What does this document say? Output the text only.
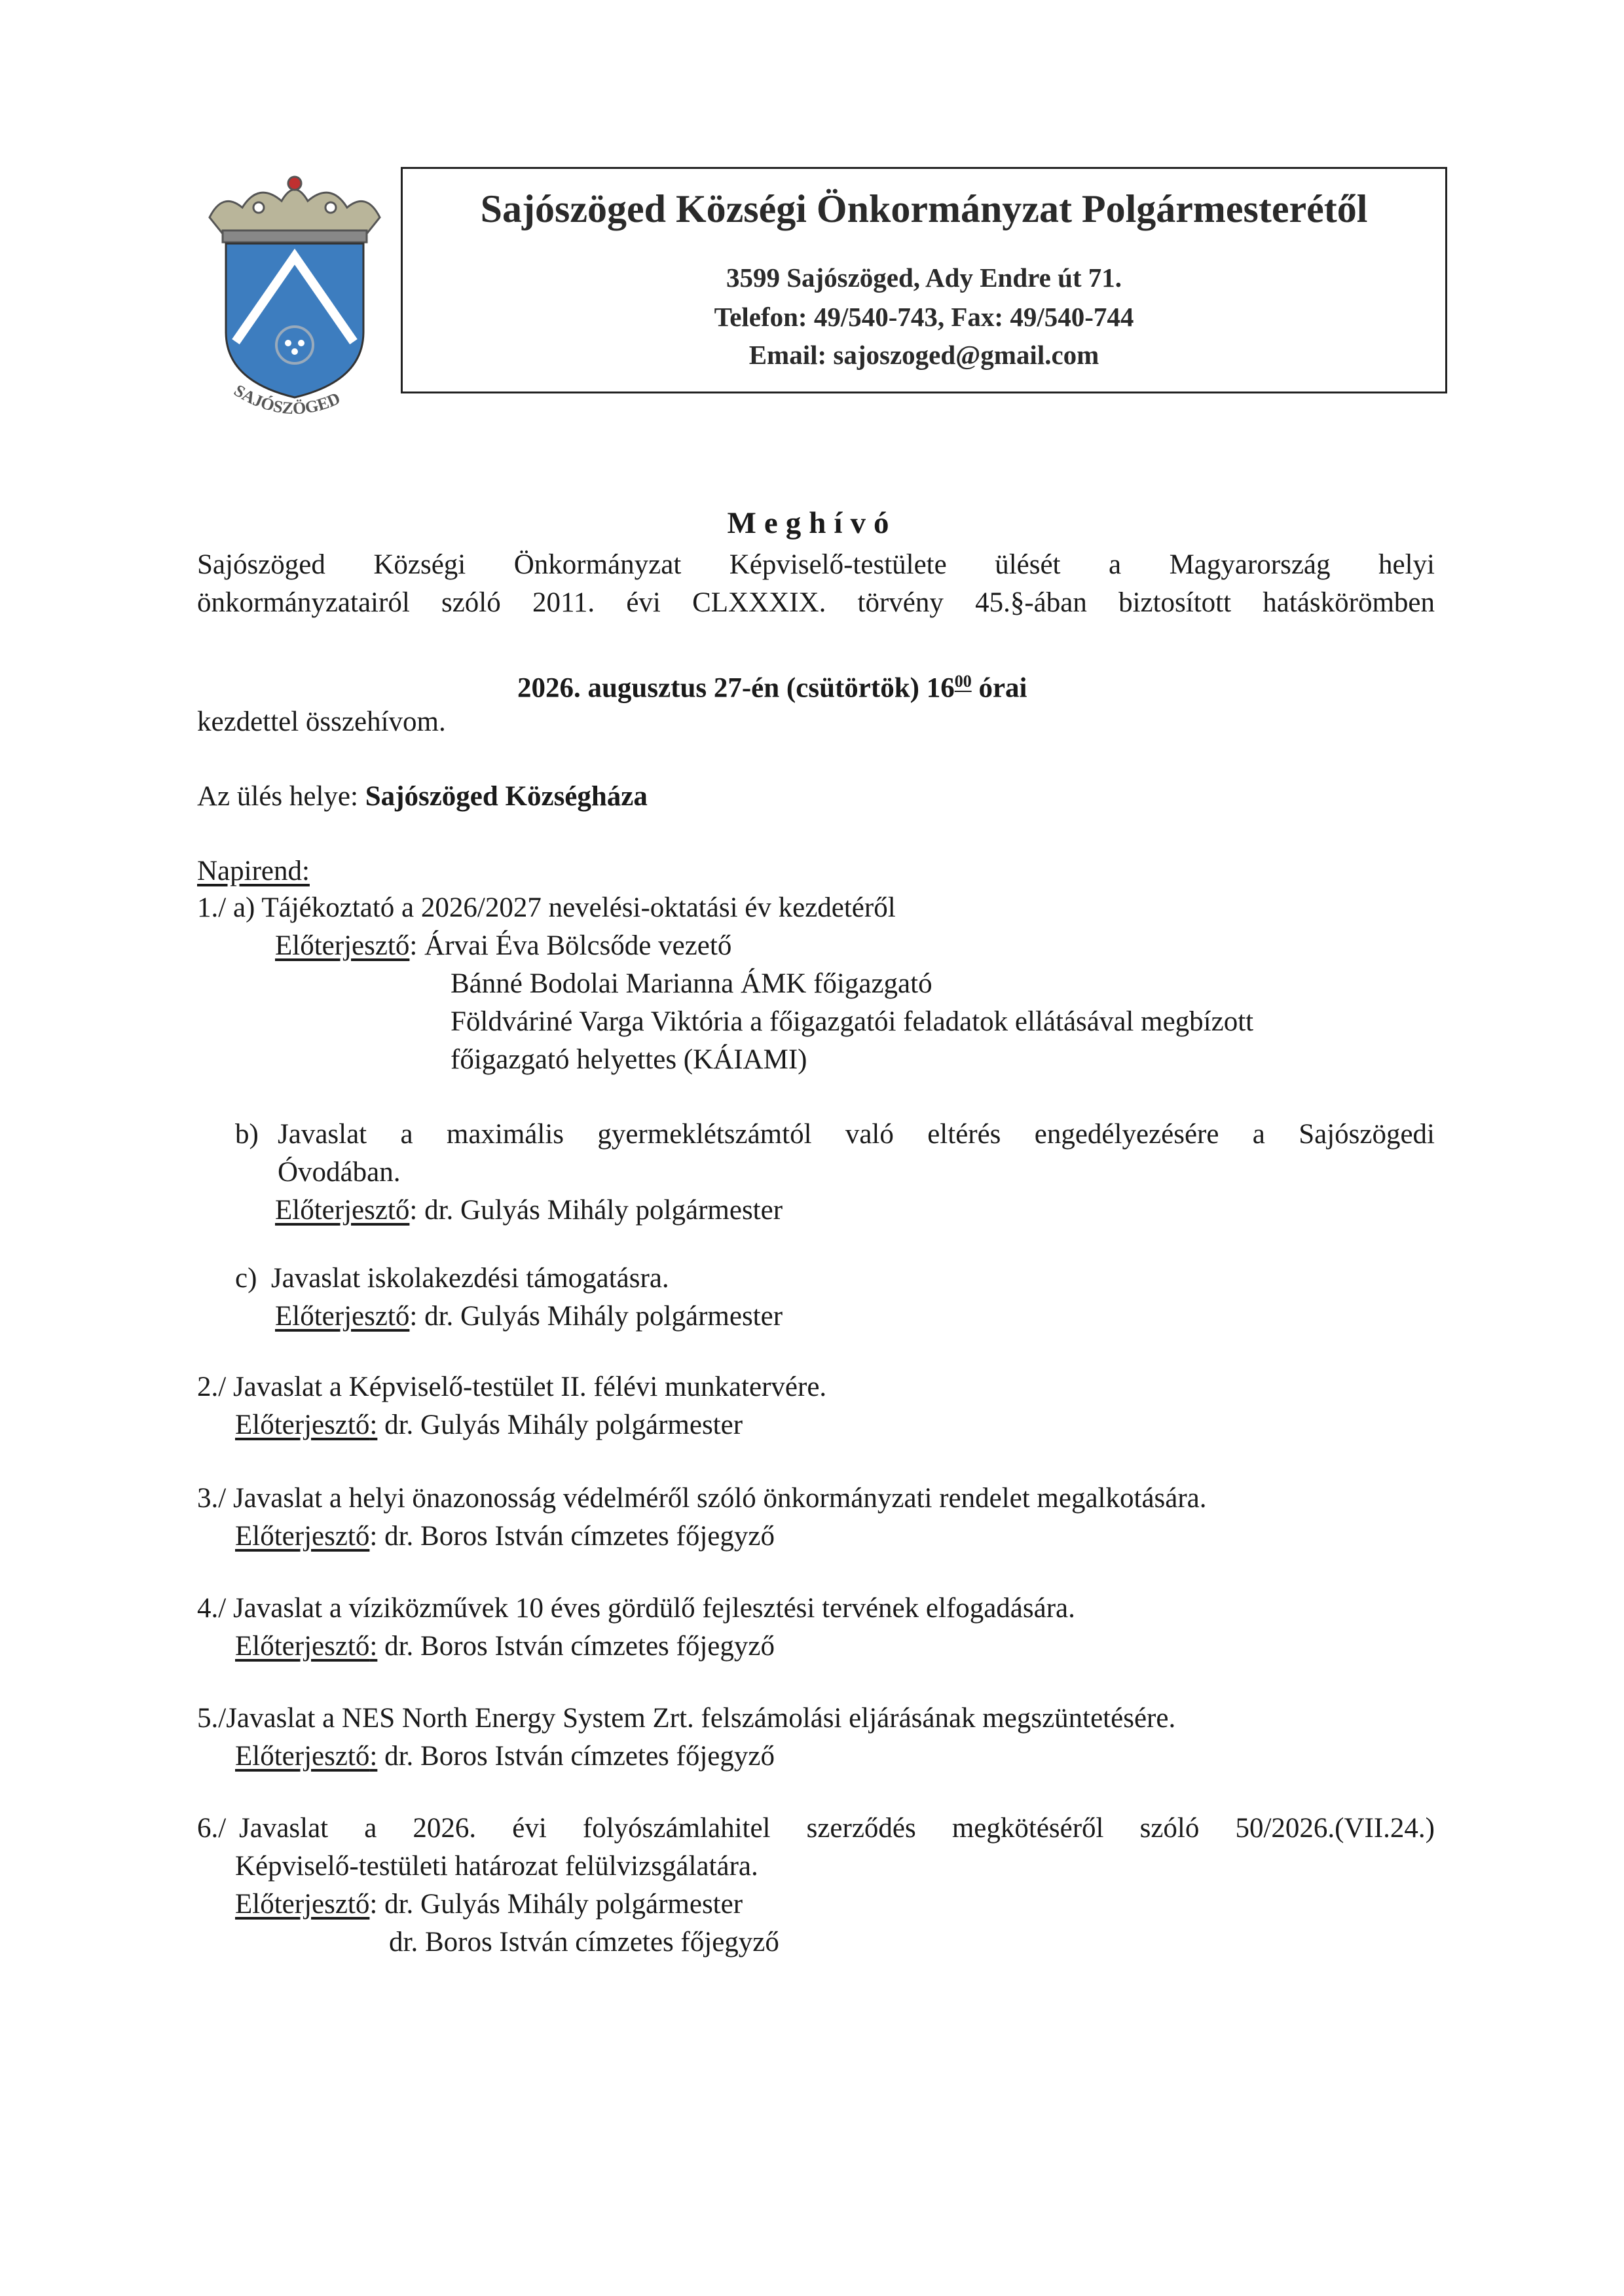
SAJÓSZÖGED
Sajószöged Községi Önkormányzat Polgármesterétől
3599 Sajószöged, Ady Endre út 71.
Telefon: 49/540-743, Fax: 49/540-744
Email: sajoszoged@gmail.com
Meghívó
Sajószöged Községi Önkormányzat Képviselő-testülete ülését a Magyarország helyi
önkormányzatairól szóló 2011. évi CLXXXIX. törvény 45.§-ában biztosított hatáskörömben
2026. augusztus 27-én (csütörtök) $16^{00}$ órai
kezdettel összehívom.
Az ülés helye: Sajószöged Községháza
Napirend:
1./ a) Tájékoztató a 2026/2027 nevelési-oktatási év kezdetéről
Előterjesztő: Árvai Éva Bölcsőde vezető
Bánné Bodolai Marianna ÁMK főigazgató
Földváriné Varga Viktória a főigazgatói feladatok ellátásával megbízott
főigazgató helyettes (KÁIAMI)
b) Javaslat a maximális gyermeklétszámtól való eltérés engedélyezésére a Sajószögedi
Óvodában.
Előterjesztő: dr. Gulyás Mihály polgármester
c) Javaslat iskolakezdési támogatásra.
Előterjesztő: dr. Gulyás Mihály polgármester
2./ Javaslat a Képviselő-testület II. félévi munkatervére.
Előterjesztő: dr. Gulyás Mihály polgármester
3./ Javaslat a helyi önazonosság védelméről szóló önkormányzati rendelet megalkotására.
Előterjesztő: dr. Boros István címzetes főjegyző
4./ Javaslat a víziközművek 10 éves gördülő fejlesztési tervének elfogadására.
Előterjesztő: dr. Boros István címzetes főjegyző
5./Javaslat a NES North Energy System Zrt. felszámolási eljárásának megszüntetésére.
Előterjesztő: dr. Boros István címzetes főjegyző
6./ Javaslat a 2026. évi folyószámlahitel szerződés megkötéséről szóló 50/2026.(VII.24.)
Képviselő-testületi határozat felülvizsgálatára.
Előterjesztő: dr. Gulyás Mihály polgármester
dr. Boros István címzetes főjegyző
